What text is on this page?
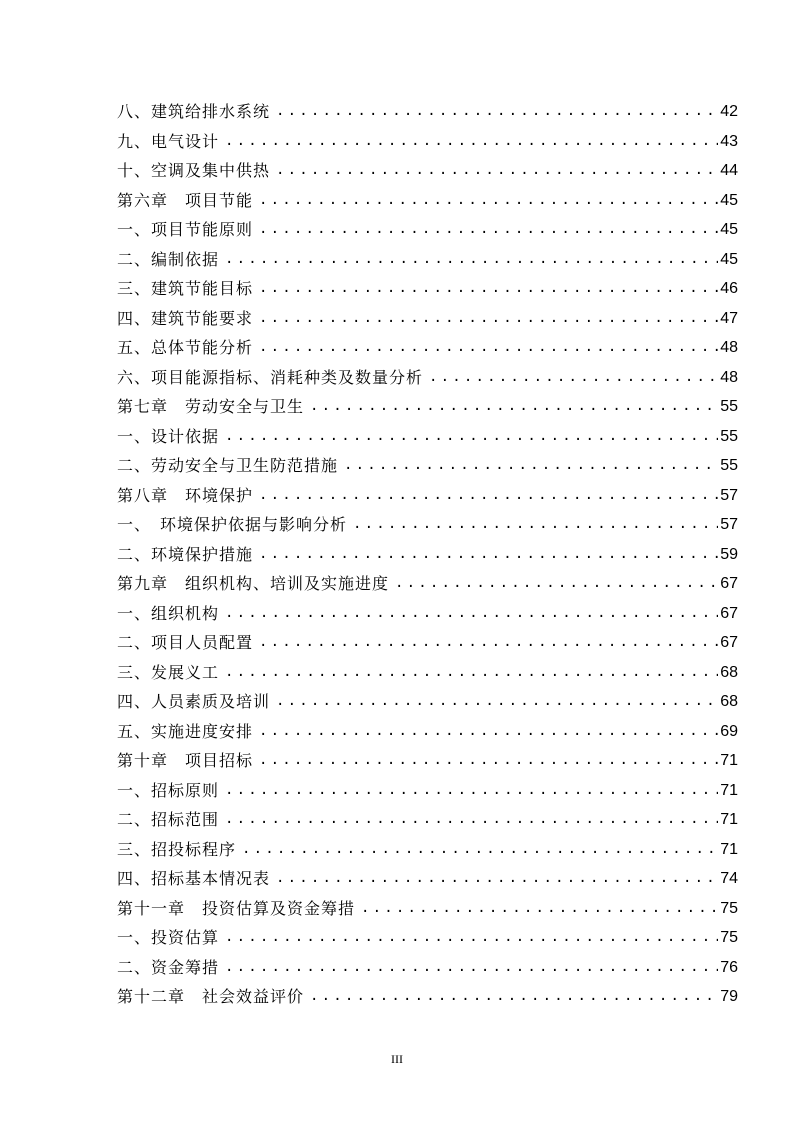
八、建筑给排水系统 .....	42
九、电气设计 .....	43
十、空调及集中供热 .....	44
第六章　项目节能 .....	45
一、项目节能原则 .....	45
二、编制依据 .....	45
三、建筑节能目标 .....	46
四、建筑节能要求 .....	47
五、总体节能分析 .....	48
六、项目能源指标、消耗种类及数量分析 .....	48
第七章　劳动安全与卫生 .....	55
一、设计依据 .....	55
二、劳动安全与卫生防范措施 .....	55
第八章　环境保护 .....	57
一、　环境保护依据与影响分析 .....	57
二、环境保护措施 .....	59
第九章　组织机构、培训及实施进度 .....	67
一、组织机构 .....	67
二、项目人员配置 .....	67
三、发展义工 .....	68
四、人员素质及培训 .....	68
五、实施进度安排 .....	69
第十章　项目招标 .....	71
一、招标原则 .....	71
二、招标范围 .....	71
三、招投标程序 .....	71
四、招标基本情况表 .....	74
第十一章　投资估算及资金筹措 .....	75
一、投资估算 .....	75
二、资金筹措 .....	76
第十二章　社会效益评价 .....	79
III
